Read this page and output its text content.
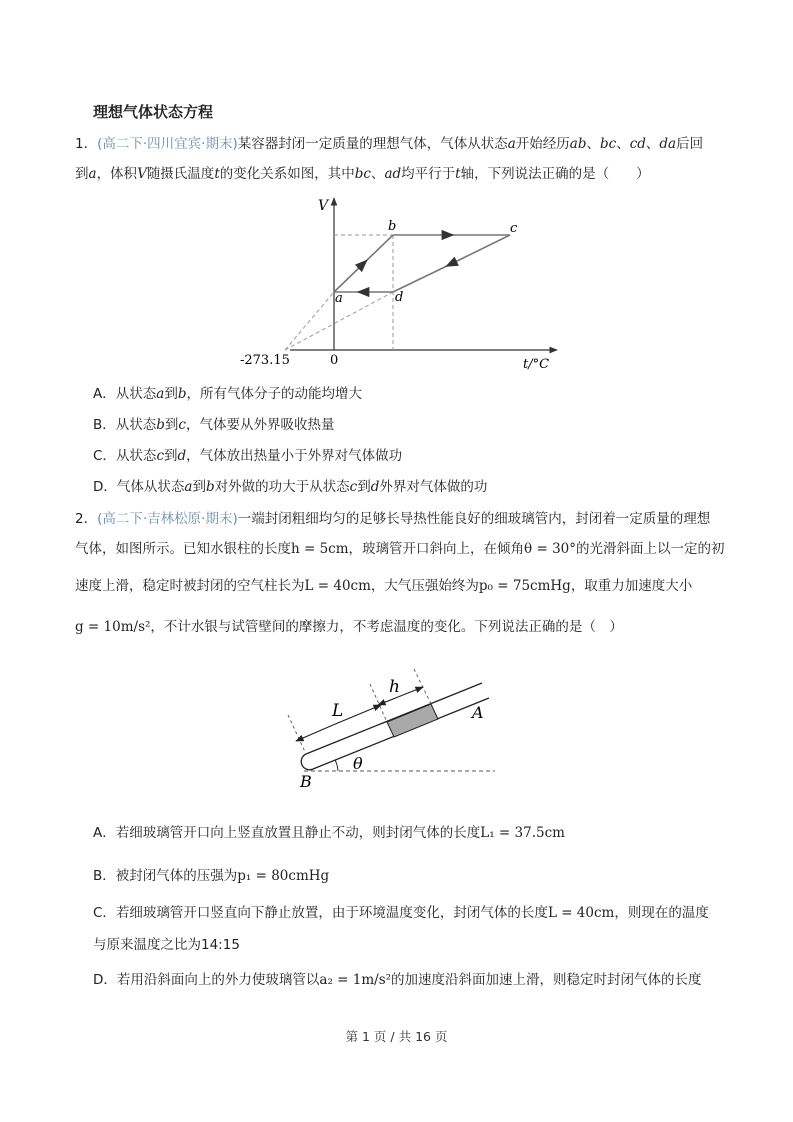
理想气体状态方程
1．(高二下·四川宜宾·期末)某容器封闭一定质量的理想气体，气体从状态a开始经历ab、bc、cd、da后回
到a，体积V随摄氏温度t的变化关系如图，其中bc、ad均平行于t轴，下列说法正确的是（　　）
V
t/°C
0
-273.15
a
b	c
d
A．从状态a到b，所有气体分子的动能均增大
B．从状态b到c，气体要从外界吸收热量
C．从状态c到d，气体放出热量小于外界对气体做功
D．气体从状态a到b对外做的功大于从状态c到d外界对气体做的功
2．(高二下·吉林松原·期末)一端封闭粗细均匀的足够长导热性能良好的细玻璃管内，封闭着一定质量的理想
气体，如图所示。已知水银柱的长度h = 5cm，玻璃管开口斜向上，在倾角θ = 30°的光滑斜面上以一定的初
速度上滑，稳定时被封闭的空气柱长为L = 40cm，大气压强始终为p₀ = 75cmHg，取重力加速度大小
g = 10m/s²，不计水银与试管壁间的摩擦力，不考虑温度的变化。下列说法正确的是（　）
L
h
A
B
θ
A．若细玻璃管开口向上竖直放置且静止不动，则封闭气体的长度L₁ = 37.5cm
B．被封闭气体的压强为p₁ = 80cmHg
C．若细玻璃管开口竖直向下静止放置，由于环境温度变化，封闭气体的长度L = 40cm，则现在的温度
与原来温度之比为14:15
D．若用沿斜面向上的外力使玻璃管以a₂ = 1m/s²的加速度沿斜面加速上滑，则稳定时封闭气体的长度
第 1 页 / 共 16 页
